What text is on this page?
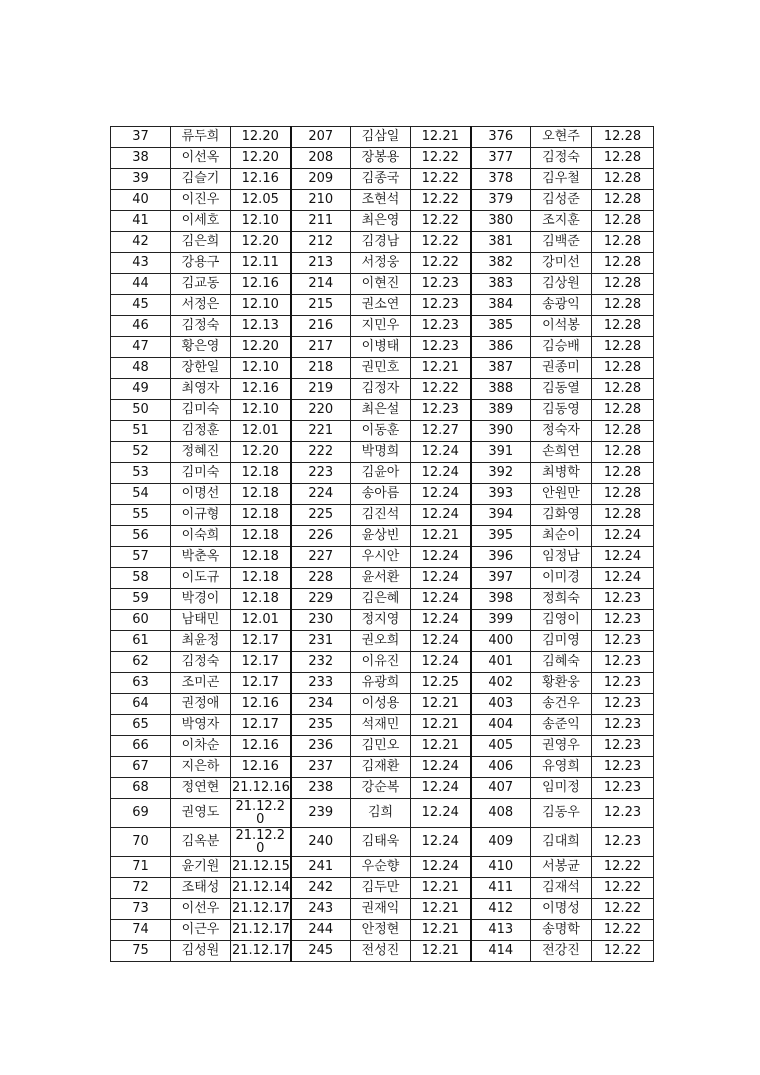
37	류두희	12.20	207	김삼일	12.21	376	오현주	12.28
38	이선옥	12.20	208	장봉용	12.22	377	김정숙	12.28
39	김슬기	12.16	209	김종국	12.22	378	김우철	12.28
40	이진우	12.05	210	조현석	12.22	379	김성준	12.28
41	이세호	12.10	211	최은영	12.22	380	조지훈	12.28
42	김은희	12.20	212	김경남	12.22	381	김백준	12.28
43	강용구	12.11	213	서정웅	12.22	382	강미선	12.28
44	김교동	12.16	214	이현진	12.23	383	김상원	12.28
45	서정은	12.10	215	권소연	12.23	384	송광익	12.28
46	김정숙	12.13	216	지민우	12.23	385	이석봉	12.28
47	황은영	12.20	217	이병태	12.23	386	김승배	12.28
48	장한일	12.10	218	권민호	12.21	387	권종미	12.28
49	최영자	12.16	219	김정자	12.22	388	김동열	12.28
50	김미숙	12.10	220	최은설	12.23	389	김동영	12.28
51	김정훈	12.01	221	이동훈	12.27	390	정숙자	12.28
52	정혜진	12.20	222	박명희	12.24	391	손희연	12.28
53	김미숙	12.18	223	김윤아	12.24	392	최병학	12.28
54	이명선	12.18	224	송아름	12.24	393	안원만	12.28
55	이규형	12.18	225	김진석	12.24	394	김화영	12.28
56	이숙희	12.18	226	윤상빈	12.21	395	최순이	12.24
57	박춘옥	12.18	227	우시안	12.24	396	임정남	12.24
58	이도규	12.18	228	윤서환	12.24	397	이미경	12.24
59	박경이	12.18	229	김은혜	12.24	398	정희숙	12.23
60	남태민	12.01	230	정지영	12.24	399	김영이	12.23
61	최윤정	12.17	231	권오희	12.24	400	김미영	12.23
62	김정숙	12.17	232	이유진	12.24	401	김혜숙	12.23
63	조미곤	12.17	233	유광희	12.25	402	황환웅	12.23
64	권정애	12.16	234	이성용	12.21	403	송건우	12.23
65	박영자	12.17	235	석재민	12.21	404	송준익	12.23
66	이차순	12.16	236	김민오	12.21	405	권영우	12.23
67	지은하	12.16	237	김재환	12.24	406	유영희	12.23
68	정연현	21.12.16	238	강순복	12.24	407	임미정	12.23
69	권영도	21.12.20	239	김희	12.24	408	김동우	12.23
70	김옥분	21.12.20	240	김태욱	12.24	409	김대희	12.23
71	윤기원	21.12.15	241	우순향	12.24	410	서봉균	12.22
72	조태성	21.12.14	242	김두만	12.21	411	김재석	12.22
73	이선우	21.12.17	243	권재익	12.21	412	이명성	12.22
74	이근우	21.12.17	244	안정현	12.21	413	송명학	12.22
75	김성원	21.12.17	245	전성진	12.21	414	전강진	12.22
